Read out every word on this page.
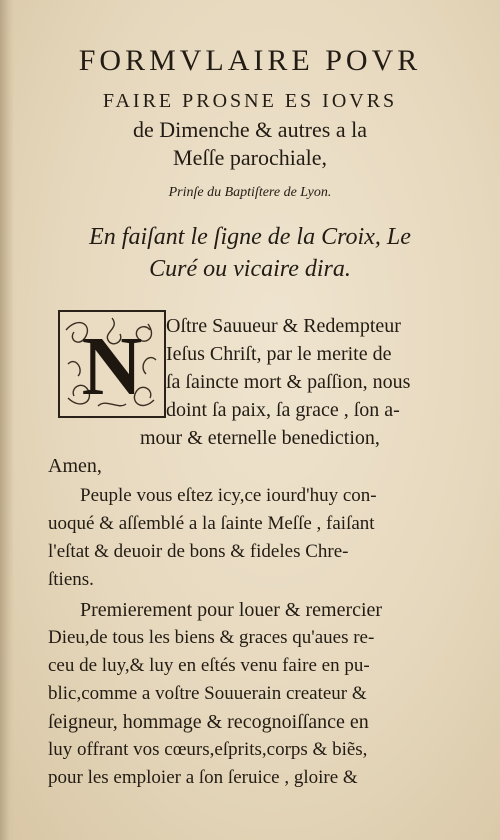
FORMVLAIRE POVR
FAIRE PROSNE ES IOVRS
de Dimenche & autres a la
Meſſe parochiale,
Prinſe du Baptiſtere de Lyon.
En faiſant le ſigne de la Croix, Le
Curé ou vicaire dira.
N Oſtre Sauueur & Redempteur
Ieſus Chriſt, par le merite de
ſa ſaincte mort & paſſion, nous
doint ſa paix, ſa grace , ſon a-
mour & eternelle benediction,
Amen,
Peuple vous eſtez icy,ce iourd'huy con-
uoqué & aſſemblé a la ſainte Meſſe , faiſant
l'eſtat & deuoir de bons & fideles Chre-
ſtiens.
Premierement pour louer & remercier
Dieu,de tous les biens & graces qu'aues re-
ceu de luy,& luy en eſtés venu faire en pu-
blic,comme a voſtre Souuerain createur &
ſeigneur, hommage & recognoiſſance en
luy offrant vos cœurs,eſprits,corps & biẽs,
pour les emploier a ſon ſeruice , gloire &
